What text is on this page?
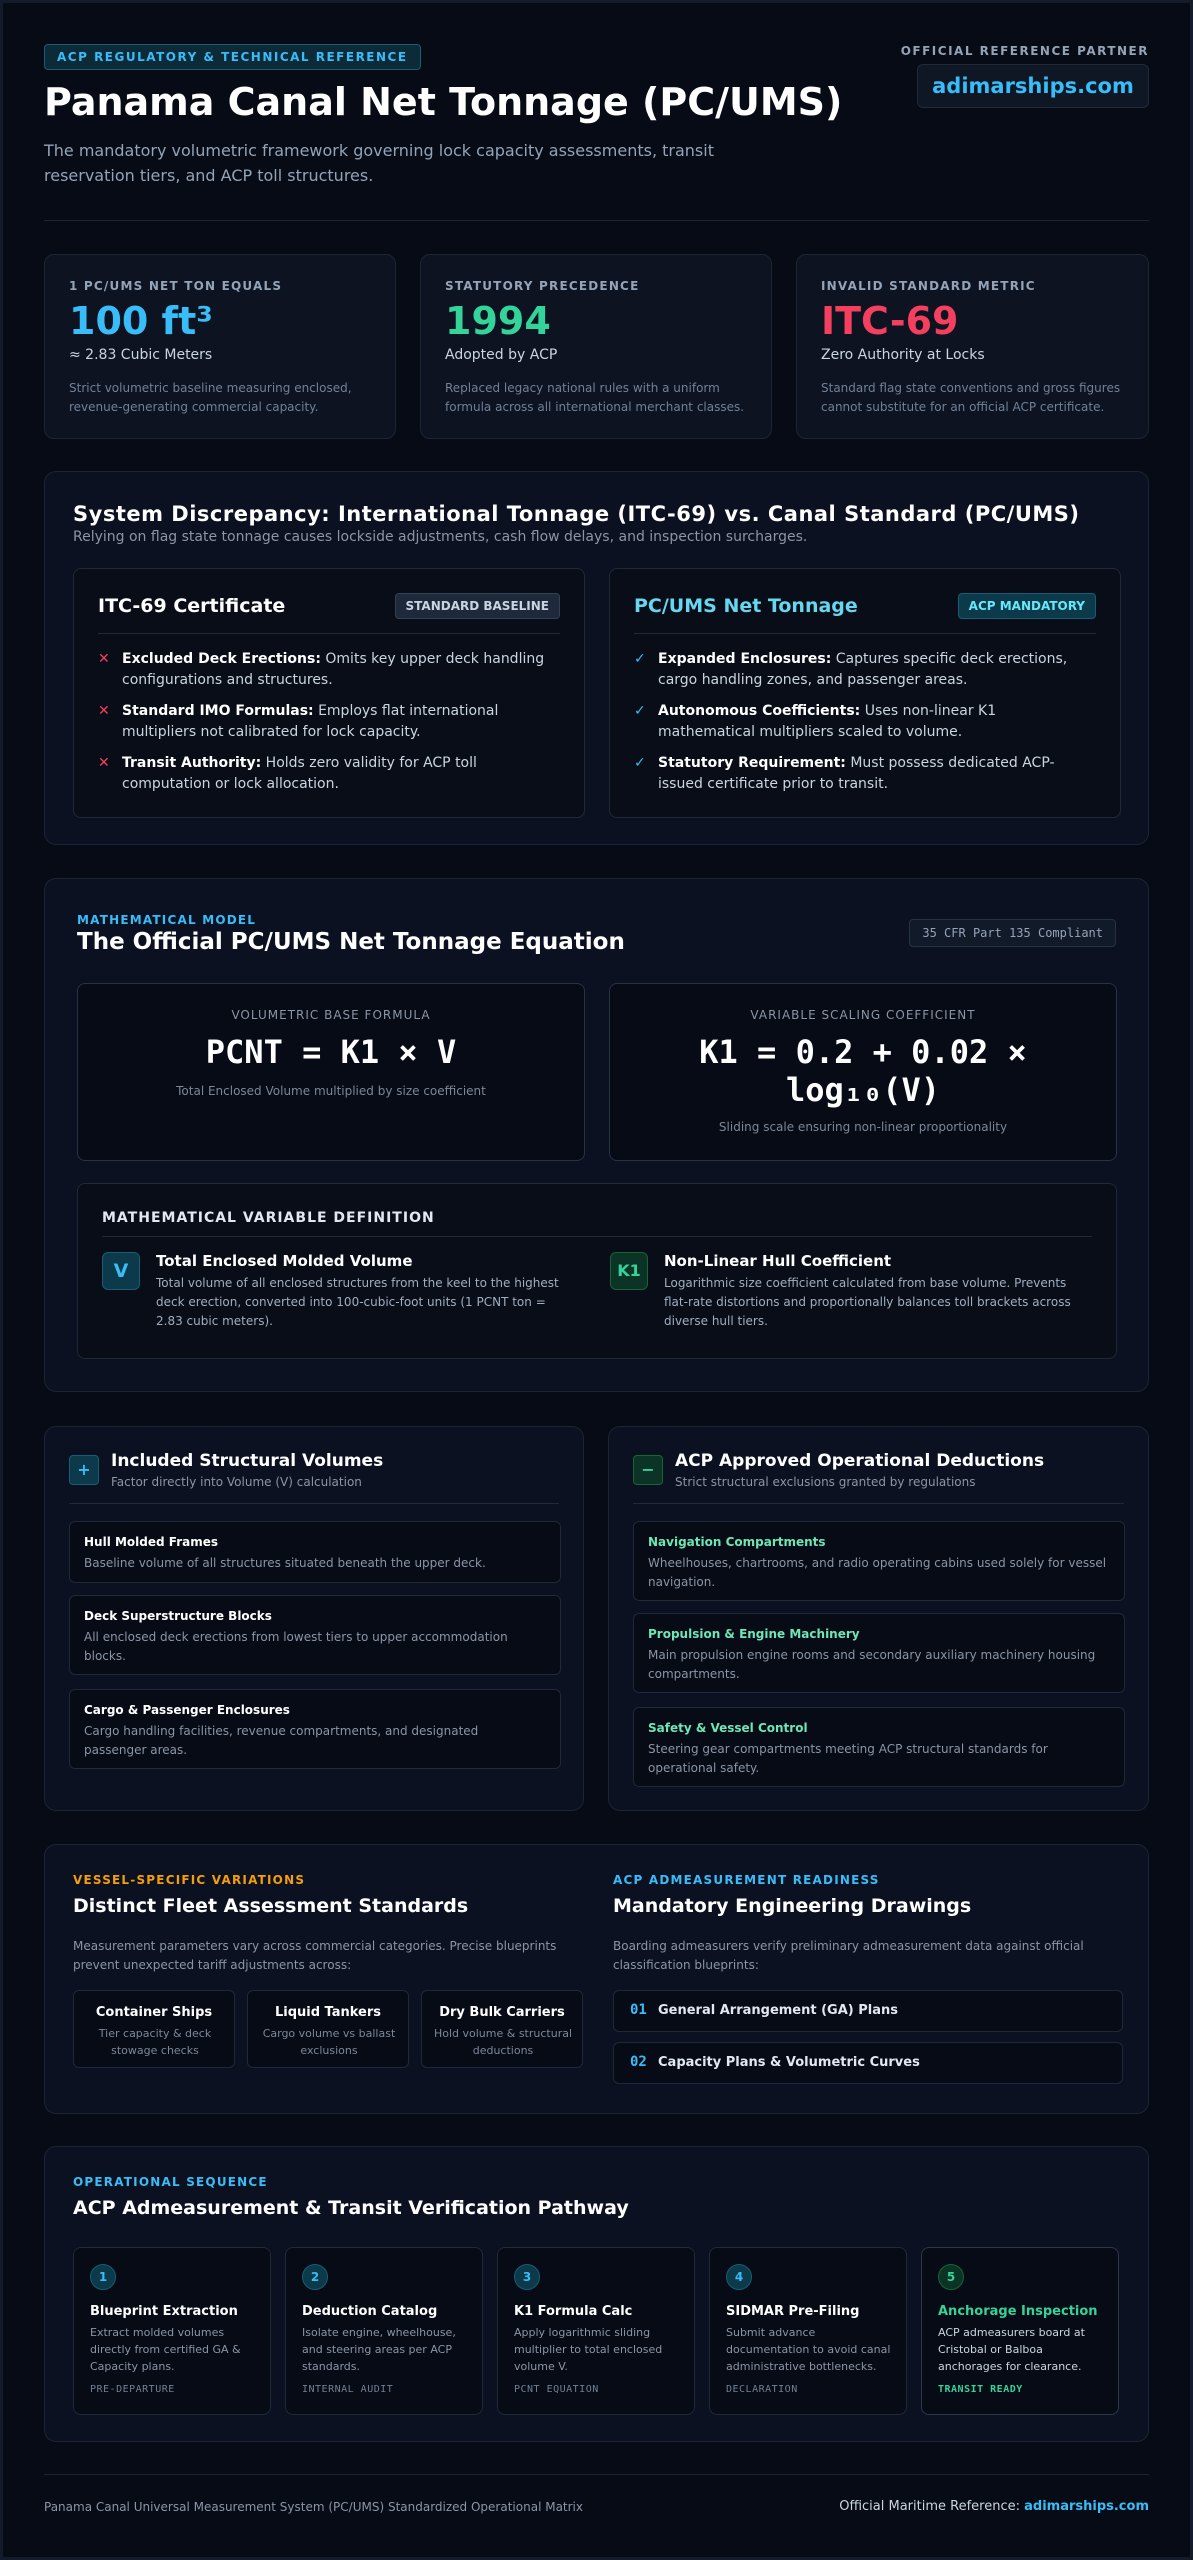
ACP REGULATORY & TECHNICAL REFERENCE
Panama Canal Net Tonnage (PC/UMS)
The mandatory volumetric framework governing lock capacity assessments, transit reservation tiers, and ACP toll structures.
OFFICIAL REFERENCE PARTNER
adimarships.com
1 PC/UMS NET TON EQUALS
100 ft³
≈ 2.83 Cubic Meters
Strict volumetric baseline measuring enclosed, revenue-generating commercial capacity.
STATUTORY PRECEDENCE
1994
Adopted by ACP
Replaced legacy national rules with a uniform formula across all international merchant classes.
INVALID STANDARD METRIC
ITC-69
Zero Authority at Locks
Standard flag state conventions and gross figures cannot substitute for an official ACP certificate.
System Discrepancy: International Tonnage (ITC-69) vs. Canal Standard (PC/UMS)
Relying on flag state tonnage causes lockside adjustments, cash flow delays, and inspection surcharges.
ITC-69 Certificate	STANDARD BASELINE
✕ Excluded Deck Erections: Omits key upper deck handling configurations and structures.
✕ Standard IMO Formulas: Employs flat international multipliers not calibrated for lock capacity.
✕ Transit Authority: Holds zero validity for ACP toll computation or lock allocation.
PC/UMS Net Tonnage	ACP MANDATORY
✓ Expanded Enclosures: Captures specific deck erections, cargo handling zones, and passenger areas.
✓ Autonomous Coefficients: Uses non-linear K1 mathematical multipliers scaled to volume.
✓ Statutory Requirement: Must possess dedicated ACP-issued certificate prior to transit.
MATHEMATICAL MODEL
The Official PC/UMS Net Tonnage Equation	35 CFR Part 135 Compliant
VOLUMETRIC BASE FORMULA
PCNT = K1 × V
Total Enclosed Volume multiplied by size coefficient
VARIABLE SCALING COEFFICIENT
K1 = 0.2 + 0.02 ×
log₁₀(V)
Sliding scale ensuring non-linear proportionality
MATHEMATICAL VARIABLE DEFINITION
V	Total Enclosed Molded Volume
Total volume of all enclosed structures from the keel to the highest deck erection, converted into 100-cubic-foot units (1 PCNT ton = 2.83 cubic meters).
K1	Non-Linear Hull Coefficient
Logarithmic size coefficient calculated from base volume. Prevents flat-rate distortions and proportionally balances toll brackets across diverse hull tiers.
+	Included Structural Volumes
Factor directly into Volume (V) calculation
Hull Molded Frames
Baseline volume of all structures situated beneath the upper deck.
Deck Superstructure Blocks
All enclosed deck erections from lowest tiers to upper accommodation blocks.
Cargo & Passenger Enclosures
Cargo handling facilities, revenue compartments, and designated passenger areas.
−	ACP Approved Operational Deductions
Strict structural exclusions granted by regulations
Navigation Compartments
Wheelhouses, chartrooms, and radio operating cabins used solely for vessel navigation.
Propulsion & Engine Machinery
Main propulsion engine rooms and secondary auxiliary machinery housing compartments.
Safety & Vessel Control
Steering gear compartments meeting ACP structural standards for operational safety.
VESSEL-SPECIFIC VARIATIONS
Distinct Fleet Assessment Standards
Measurement parameters vary across commercial categories. Precise blueprints prevent unexpected tariff adjustments across:
Container Ships
Tier capacity & deck stowage checks
Liquid Tankers
Cargo volume vs ballast exclusions
Dry Bulk Carriers
Hold volume & structural deductions
ACP ADMEASUREMENT READINESS
Mandatory Engineering Drawings
Boarding admeasurers verify preliminary admeasurement data against official classification blueprints:
01 General Arrangement (GA) Plans
02 Capacity Plans & Volumetric Curves
OPERATIONAL SEQUENCE
ACP Admeasurement & Transit Verification Pathway
1
Blueprint Extraction
Extract molded volumes directly from certified GA & Capacity plans.
PRE-DEPARTURE
2
Deduction Catalog
Isolate engine, wheelhouse, and steering areas per ACP standards.
INTERNAL AUDIT
3
K1 Formula Calc
Apply logarithmic sliding multiplier to total enclosed volume V.
PCNT EQUATION
4
SIDMAR Pre-Filing
Submit advance documentation to avoid canal administrative bottlenecks.
DECLARATION
5
Anchorage Inspection
ACP admeasurers board at Cristobal or Balboa anchorages for clearance.
TRANSIT READY
Panama Canal Universal Measurement System (PC/UMS) Standardized Operational Matrix	Official Maritime Reference: adimarships.com
